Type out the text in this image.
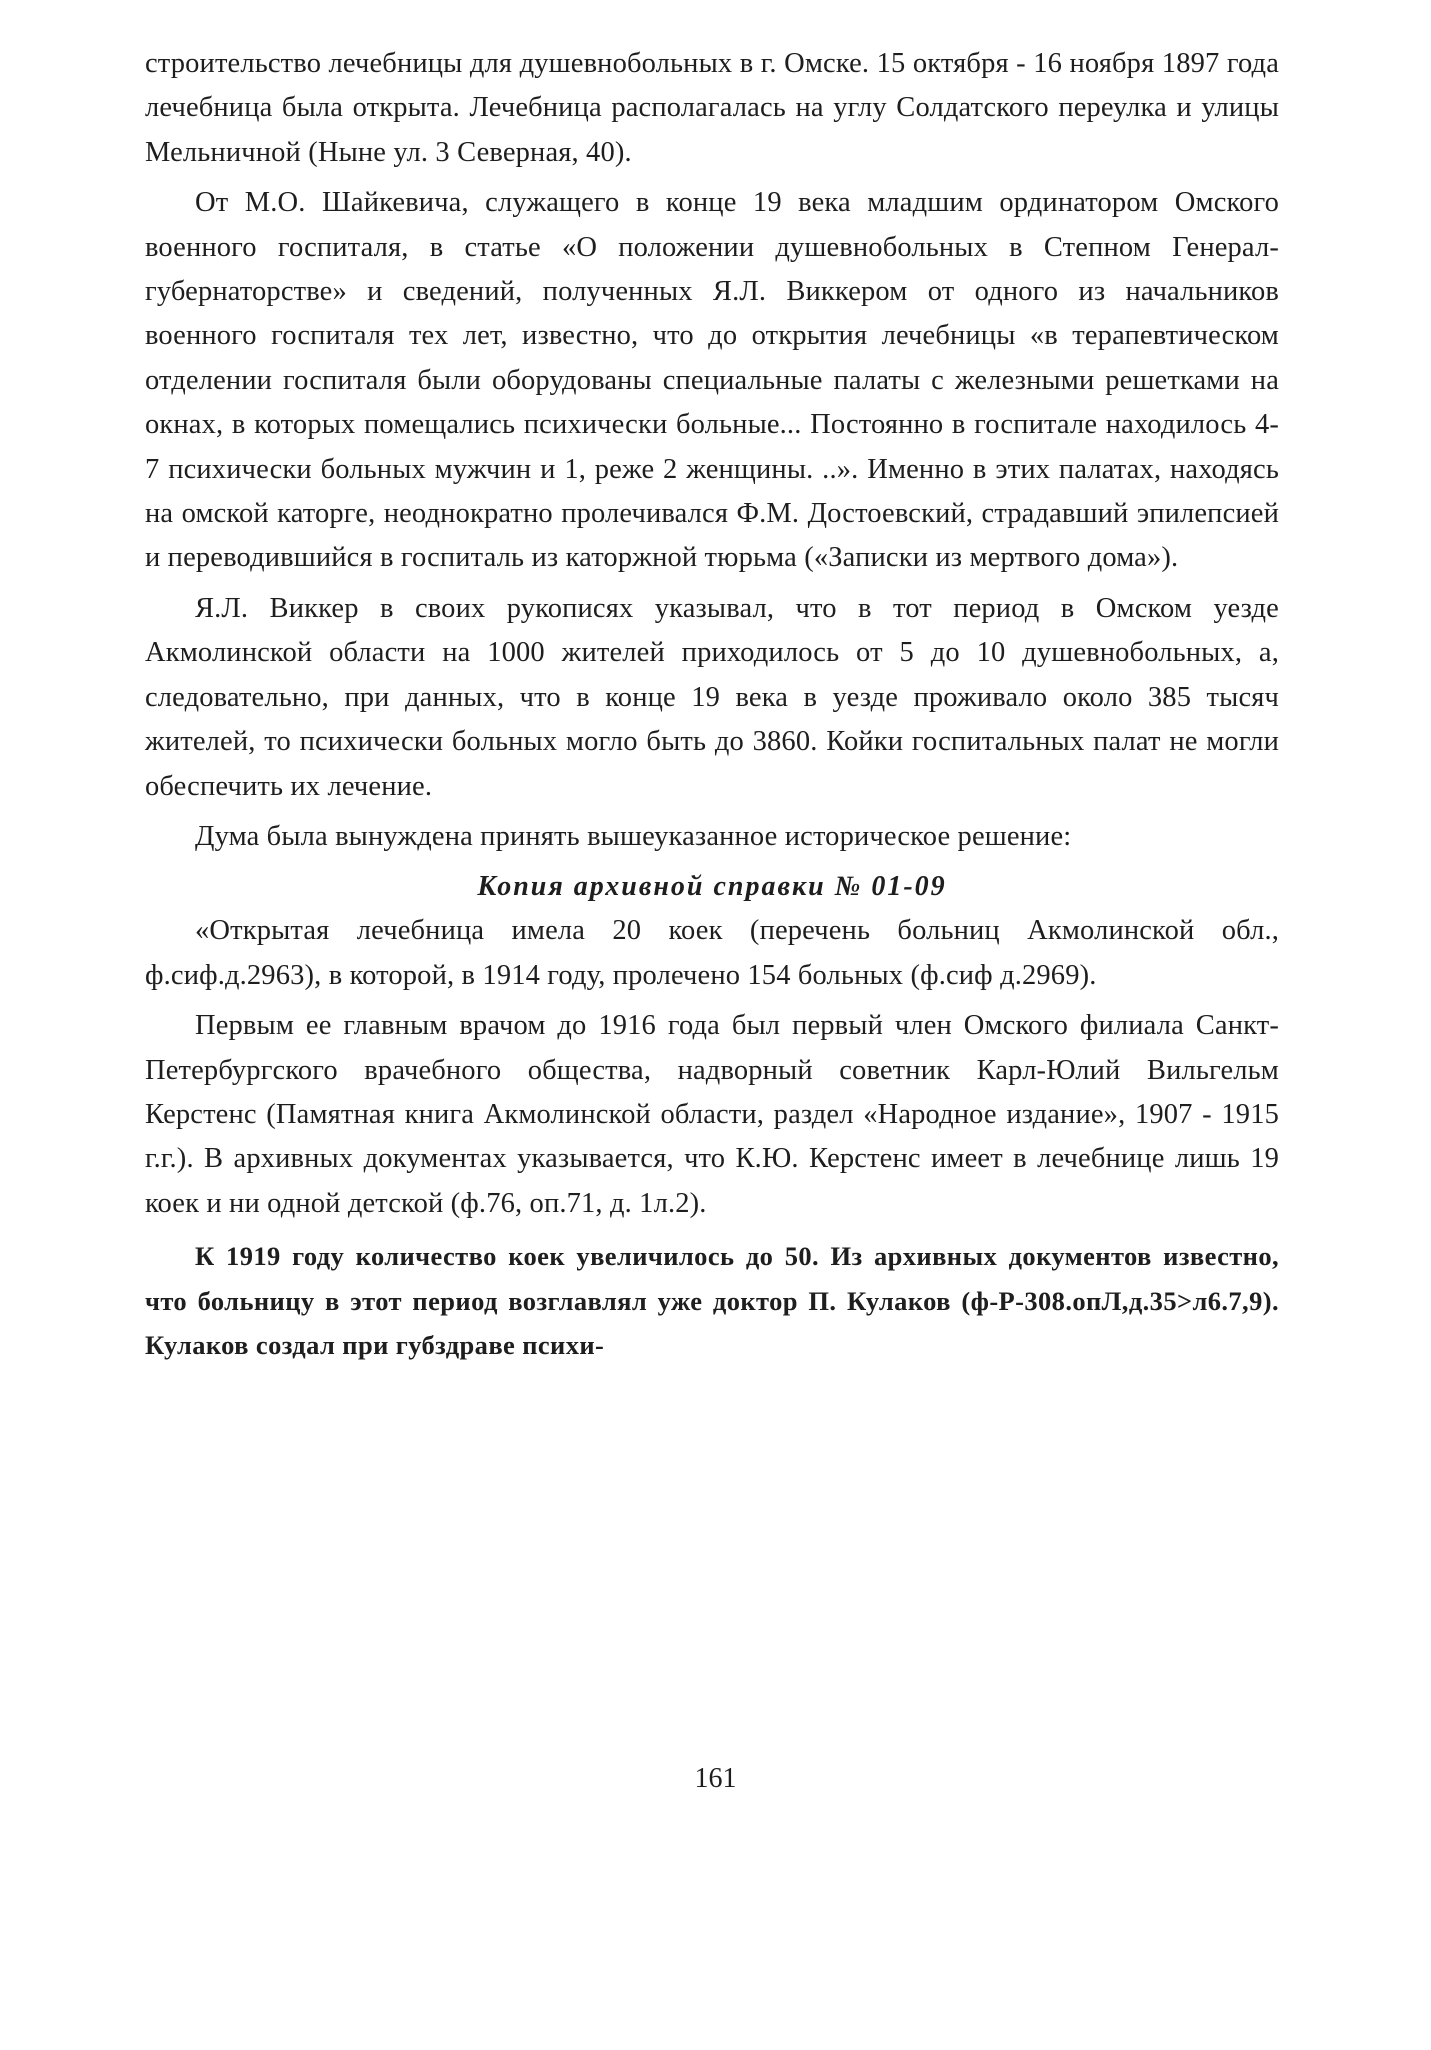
строительство лечебницы для душевнобольных в г. Омске. 15 октября - 16 ноября 1897 года лечебница была открыта. Лечебница располагалась на углу Солдатского переулка и улицы Мельничной (Ныне ул. 3 Северная, 40).

От М.О. Шайкевича, служащего в конце 19 века младшим ординатором Омского военного госпиталя, в статье «О положении душевнобольных в Степном Генерал-губернаторстве» и сведений, полученных Я.Л. Виккером от одного из начальников военного госпиталя тех лет, известно, что до открытия лечебницы «в терапевтическом отделении госпиталя были оборудованы специальные палаты с железными решетками на окнах, в которых помещались психически больные... Постоянно в госпитале находилось 4-7 психически больных мужчин и 1, реже 2 женщины. ..». Именно в этих палатах, находясь на омской каторге, неоднократно пролечивался Ф.М. Достоевский, страдавший эпилепсией и переводившийся в госпиталь из каторжной тюрьма («Записки из мертвого дома»).

Я.Л. Виккер в своих рукописях указывал, что в тот период в Омском уезде Акмолинской области на 1000 жителей приходилось от 5 до 10 душевнобольных, а, следовательно, при данных, что в конце 19 века в уезде проживало около 385 тысяч жителей, то психически больных могло быть до 3860. Койки госпитальных палат не могли обеспечить их лечение.

Дума была вынуждена принять вышеуказанное историческое решение:

Копия архивной справки № 01-09

«Открытая лечебница имела 20 коек (перечень больниц Акмолинской обл., ф.сиф.д.2963), в которой, в 1914 году, пролечено 154 больных (ф.сиф д.2969).

Первым ее главным врачом до 1916 года был первый член Омского филиала Санкт-Петербургского врачебного общества, надворный советник Карл-Юлий Вильгельм Керстенс (Памятная книга Акмолинской области, раздел «Народное издание», 1907 - 1915 г.г.). В архивных документах указывается, что К.Ю. Керстенс имеет в лечебнице лишь 19 коек и ни одной детской (ф.76, оп.71, д. 1л.2).

К 1919 году количество коек увеличилось до 50. Из архивных документов известно, что больницу в этот период возглавлял уже доктор П. Кулаков (ф-Р-308.опЛ,д.35>л6.7,9). Кулаков создал при губздраве психи-

161
